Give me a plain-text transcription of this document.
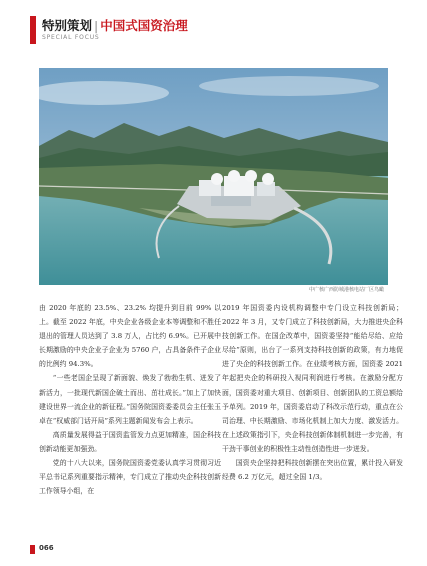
特别策划 | 中国式国资治理
SPECIAL FOCUS
中广核广西防城港核电站厂区鸟瞰

由 2020 年底的 23.5%、23.2% 均提升到目前 99% 以上。截至 2022 年底，中央企业各级企业本等调整和不胜任退出的管理人员达到了 3.8 万人，占比约 6.9%。已开展中长期激励的中央企业子企业为 5760 户，占具备条件子企业的比例约 94.3%。

“一些老国企呈现了新面貌、焕发了勃勃生机、迸发了新活力，一批现代新国企破土而出、茁壮成长。”加上了加快建设世界一流企业的新征程。”国务院国资委委员会主任张玉卓在“权威部门话开局”系列主题新闻发布会上表示。

高质量发展得益于国资监管发力点更加精准，国企科技创新动能更加强劲。

党的十八大以来，国务院国资委党委认真学习贯彻习近平总书记系列重要指示精神，专门成立了推动央企科技创新工作领导小组，在

2019 年国资委内设机构调整中专门设立科技创新局；2022 年 3 月，又专门成立了科技创新局，大力推进央企科技创新工作。在国企改革中，国资委坚持“能给尽给、应给尽给”原则，出台了一系列支持科技创新的政策，有力地促进了央企的科技创新工作。在业绩考核方面，国资委 2021 年起把央企的科研投入视同利润进行考核。在激励分配方面，国资委对重大项目、创新项目、创新团队的工资总额给予单列。2019 年，国资委启动了科改示范行动，重点在公司治理、中长期激励、市场化机制上加大力度、激发活力。在上述政策指引下，央企科技创新体制机制进一步完善，有干劲干事创业的积极性主动性创造性进一步迸发。

国资央企坚持把科技创新摆在突出位置，累计投入研发经费 6.2 万亿元，超过全国 1/3。

066
